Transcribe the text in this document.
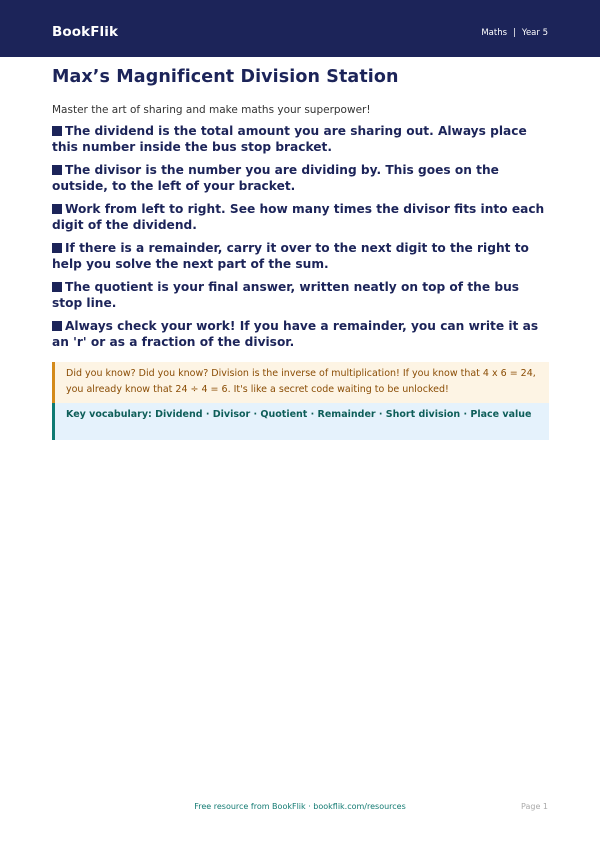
BookFlik	Maths | Year 5
Max’s Magnificent Division Station

Master the art of sharing and make maths your superpower!

The dividend is the total amount you are sharing out. Always place this number inside the bus stop bracket.
The divisor is the number you are dividing by. This goes on the outside, to the left of your bracket.
Work from left to right. See how many times the divisor fits into each digit of the dividend.
If there is a remainder, carry it over to the next digit to the right to help you solve the next part of the sum.
The quotient is your final answer, written neatly on top of the bus stop line.
Always check your work! If you have a remainder, you can write it as an 'r' or as a fraction of the divisor.
Did you know? Did you know? Division is the inverse of multiplication! If you know that 4 x 6 = 24, you already know that 24 ÷ 4 = 6. It's like a secret code waiting to be unlocked!
Key vocabulary: Dividend · Divisor · Quotient · Remainder · Short division · Place value
Free resource from BookFlik · bookflik.com/resources	Page 1
